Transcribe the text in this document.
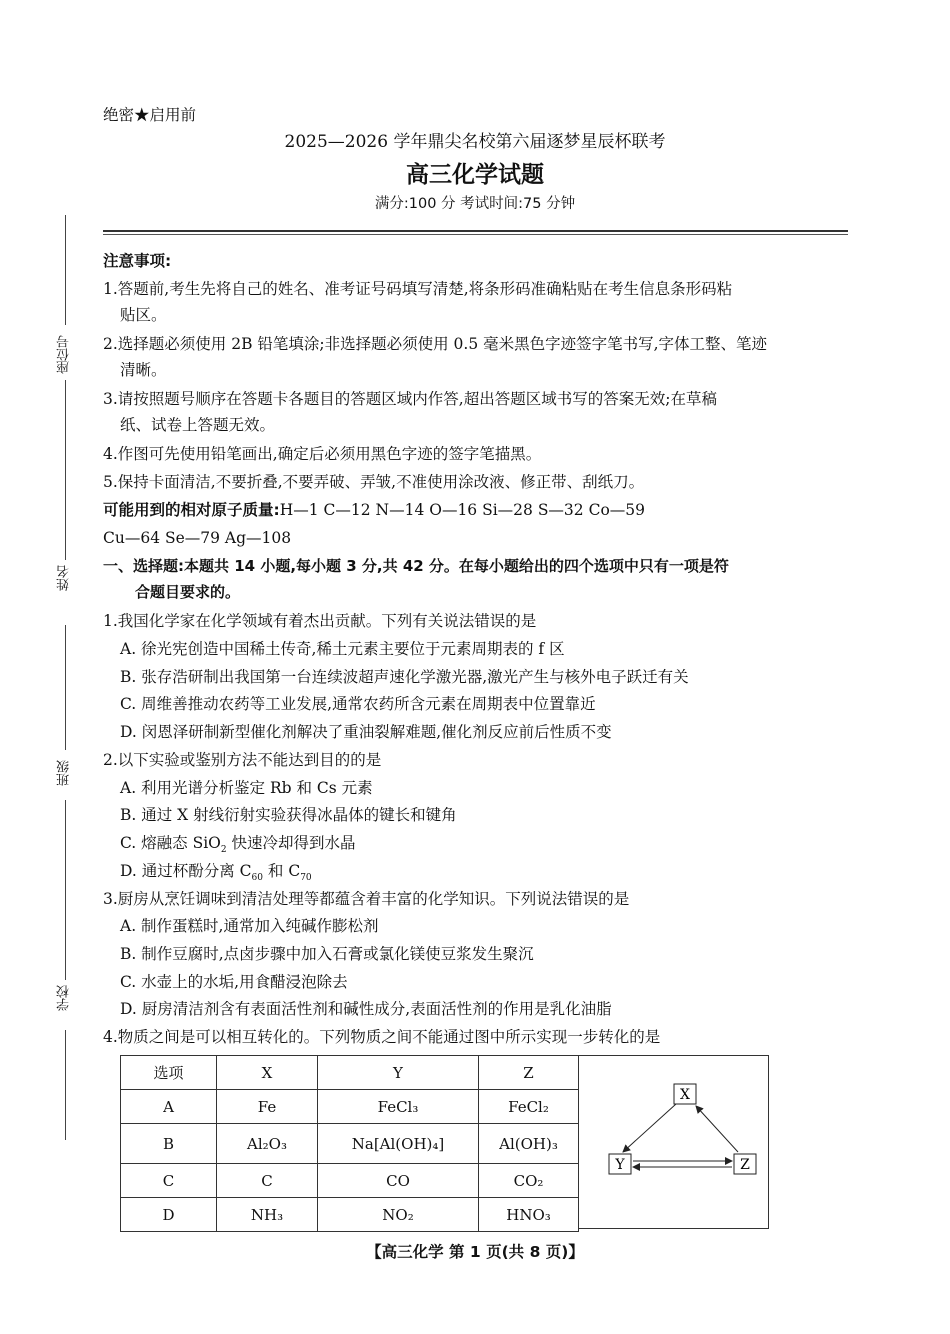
绝密★启用前
2025—2026 学年鼎尖名校第六届逐梦星辰杯联考
高三化学试题
满分:100 分 考试时间:75 分钟
座位号
姓名
班级
学校
注意事项:
1.答题前,考生先将自己的姓名、准考证号码填写清楚,将条形码准确粘贴在考生信息条形码粘
贴区。
2.选择题必须使用 2B 铅笔填涂;非选择题必须使用 0.5 毫米黑色字迹签字笔书写,字体工整、笔迹
清晰。
3.请按照题号顺序在答题卡各题目的答题区域内作答,超出答题区域书写的答案无效;在草稿
纸、试卷上答题无效。
4.作图可先使用铅笔画出,确定后必须用黑色字迹的签字笔描黑。
5.保持卡面清洁,不要折叠,不要弄破、弄皱,不准使用涂改液、修正带、刮纸刀。
可能用到的相对原子质量:H—1 C—12 N—14 O—16 Si—28 S—32 Co—59
Cu—64 Se—79 Ag—108
一、选择题:本题共 14 小题,每小题 3 分,共 42 分。在每小题给出的四个选项中只有一项是符
合题目要求的。
1.我国化学家在化学领域有着杰出贡献。下列有关说法错误的是
A. 徐光宪创造中国稀土传奇,稀土元素主要位于元素周期表的 f 区
B. 张存浩研制出我国第一台连续波超声速化学激光器,激光产生与核外电子跃迁有关
C. 周维善推动农药等工业发展,通常农药所含元素在周期表中位置靠近
D. 闵恩泽研制新型催化剂解决了重油裂解难题,催化剂反应前后性质不变
2.以下实验或鉴别方法不能达到目的的是
A. 利用光谱分析鉴定 Rb 和 Cs 元素
B. 通过 X 射线衍射实验获得冰晶体的键长和键角
C. 熔融态 SiO$_2$ 快速冷却得到水晶
D. 通过杯酚分离 $C_{60}$ 和 $C_{70}$
3.厨房从烹饪调味到清洁处理等都蕴含着丰富的化学知识。下列说法错误的是
A. 制作蛋糕时,通常加入纯碱作膨松剂
B. 制作豆腐时,点卤步骤中加入石膏或氯化镁使豆浆发生聚沉
C. 水壶上的水垢,用食醋浸泡除去
D. 厨房清洁剂含有表面活性剂和碱性成分,表面活性剂的作用是乳化油脂
4.物质之间是可以相互转化的。下列物质之间不能通过图中所示实现一步转化的是
选项	X	Y	Z
A	Fe	FeCl₃	FeCl₂
B	Al₂O₃	Na[Al(OH)₄]	Al(OH)₃
C	C	CO	CO₂
D	NH₃	NO₂	HNO₃
X
Y	Z
【高三化学 第 1 页(共 8 页)】
